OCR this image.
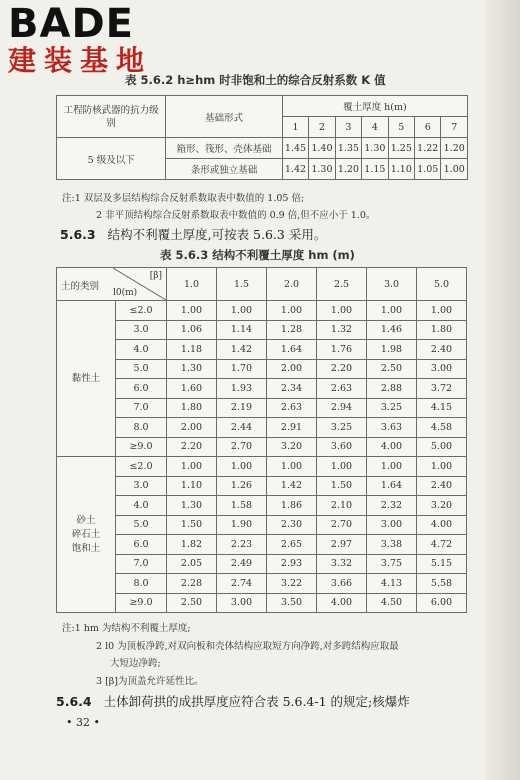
BADE
建装基地
表 5.6.2 h≥hm 时非饱和土的综合反射系数 K 值
工程防核武器的抗力级别	基础形式	覆土厚度 h(m)						
		1	2	3	4	5	6	7
5 级及以下	箱形、筏形、壳体基础	1.45	1.40	1.35	1.30	1.25	1.22	1.20
	条形或独立基础	1.42	1.30	1.20	1.15	1.10	1.05	1.00
注:1 双层及多层结构综合反射系数取表中数值的 1.05 倍;
2 非平顶结构综合反射系数取表中数值的 0.9 倍,但不应小于 1.0。
5.6.3 结构不利覆土厚度,可按表 5.6.3 采用。
表 5.6.3 结构不利覆土厚度 hm (m)
土的类别
[β]
l0(m)		1.0	1.5	2.0	2.5	3.0	5.0

黏性土	≤2.0	1.00	1.00	1.00	1.00	1.00	1.00
	3.0	1.06	1.14	1.28	1.32	1.46	1.80
	4.0	1.18	1.42	1.64	1.76	1.98	2.40
	5.0	1.30	1.70	2.00	2.20	2.50	3.00
	6.0	1.60	1.93	2.34	2.63	2.88	3.72
	7.0	1.80	2.19	2.63	2.94	3.25	4.15
	8.0	2.00	2.44	2.91	3.25	3.63	4.58
	≥9.0	2.20	2.70	3.20	3.60	4.00	5.00

砂土
碎石土
饱和土	≤2.0	1.00	1.00	1.00	1.00	1.00	1.00
	3.0	1.10	1.26	1.42	1.50	1.64	2.40
	4.0	1.30	1.58	1.86	2.10	2.32	3.20
	5.0	1.50	1.90	2.30	2.70	3.00	4.00
	6.0	1.82	2.23	2.65	2.97	3.38	4.72
	7.0	2.05	2.49	2.93	3.32	3.75	5.15
	8.0	2.28	2.74	3.22	3.66	4.13	5.58
	≥9.0	2.50	3.00	3.50	4.00	4.50	6.00
注:1 hm 为结构不利覆土厚度;
2 l0 为顶板净跨,对双向板和壳体结构应取短方向净跨,对多跨结构应取最
大短边净跨;
3 [β]为顶盖允许延性比。
5.6.4 土体卸荷拱的成拱厚度应符合表 5.6.4-1 的规定;核爆炸
• 32 •
